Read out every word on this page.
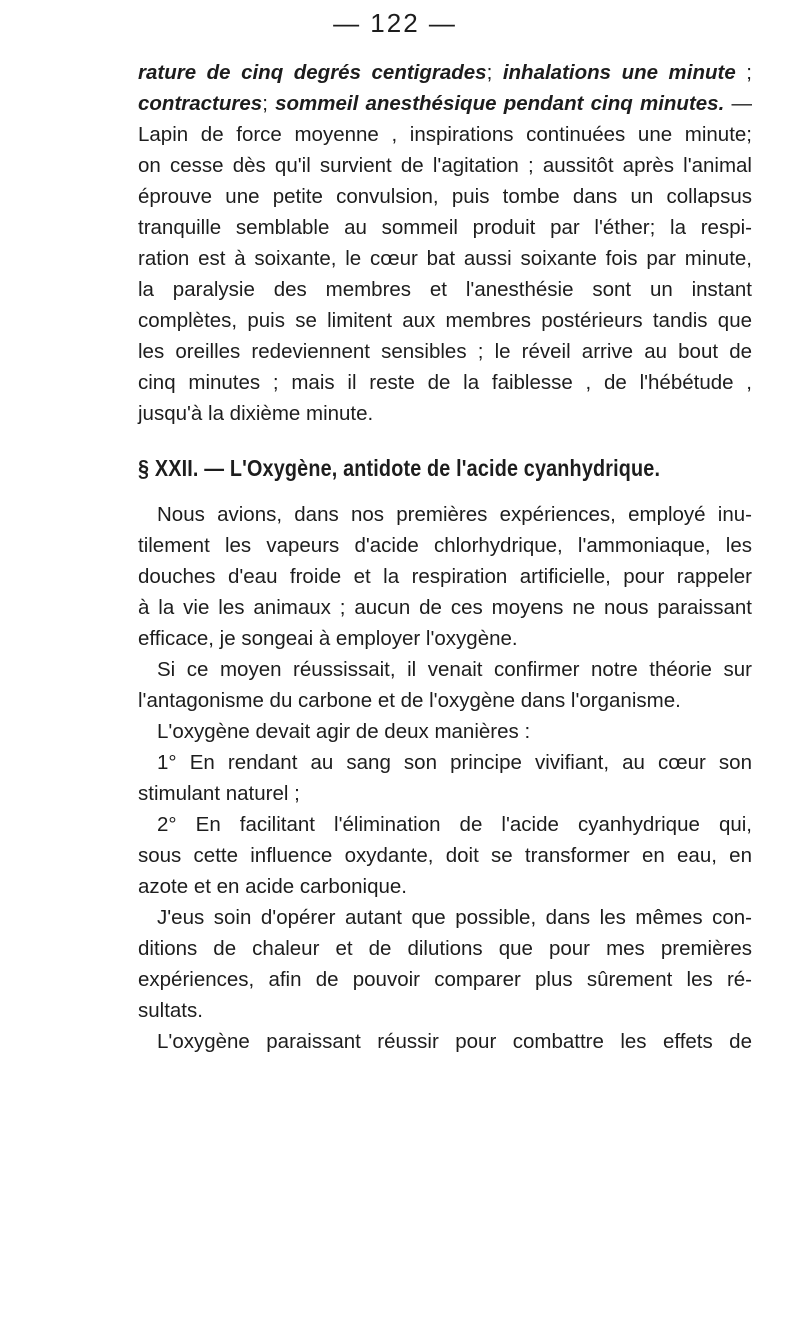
— 122 —
rature de cinq degrés centigrades; inhalations une minute ;
contractures; sommeil anesthésique pendant cinq minutes. —
Lapin de force moyenne , inspirations continuées une minute;
on cesse dès qu'il survient de l'agitation ; aussitôt après l'animal
éprouve une petite convulsion, puis tombe dans un collapsus
tranquille semblable au sommeil produit par l'éther; la respi-
ration est à soixante, le cœur bat aussi soixante fois par minute,
la paralysie des membres et l'anesthésie sont un instant
complètes, puis se limitent aux membres postérieurs tandis que
les oreilles redeviennent sensibles ; le réveil arrive au bout de
cinq minutes ; mais il reste de la faiblesse , de l'hébétude ,
jusqu'à la dixième minute.
§ XXII. — L'Oxygène, antidote de l'acide cyanhydrique.
Nous avions, dans nos premières expériences, employé inu-
tilement les vapeurs d'acide chlorhydrique, l'ammoniaque, les
douches d'eau froide et la respiration artificielle, pour rappeler
à la vie les animaux ; aucun de ces moyens ne nous paraissant
efficace, je songeai à employer l'oxygène.
Si ce moyen réussissait, il venait confirmer notre théorie sur
l'antagonisme du carbone et de l'oxygène dans l'organisme.
L'oxygène devait agir de deux manières :
1° En rendant au sang son principe vivifiant, au cœur son
stimulant naturel ;
2° En facilitant l'élimination de l'acide cyanhydrique qui,
sous cette influence oxydante, doit se transformer en eau, en
azote et en acide carbonique.
J'eus soin d'opérer autant que possible, dans les mêmes con-
ditions de chaleur et de dilutions que pour mes premières
expériences, afin de pouvoir comparer plus sûrement les ré-
sultats.
L'oxygène paraissant réussir pour combattre les effets de
